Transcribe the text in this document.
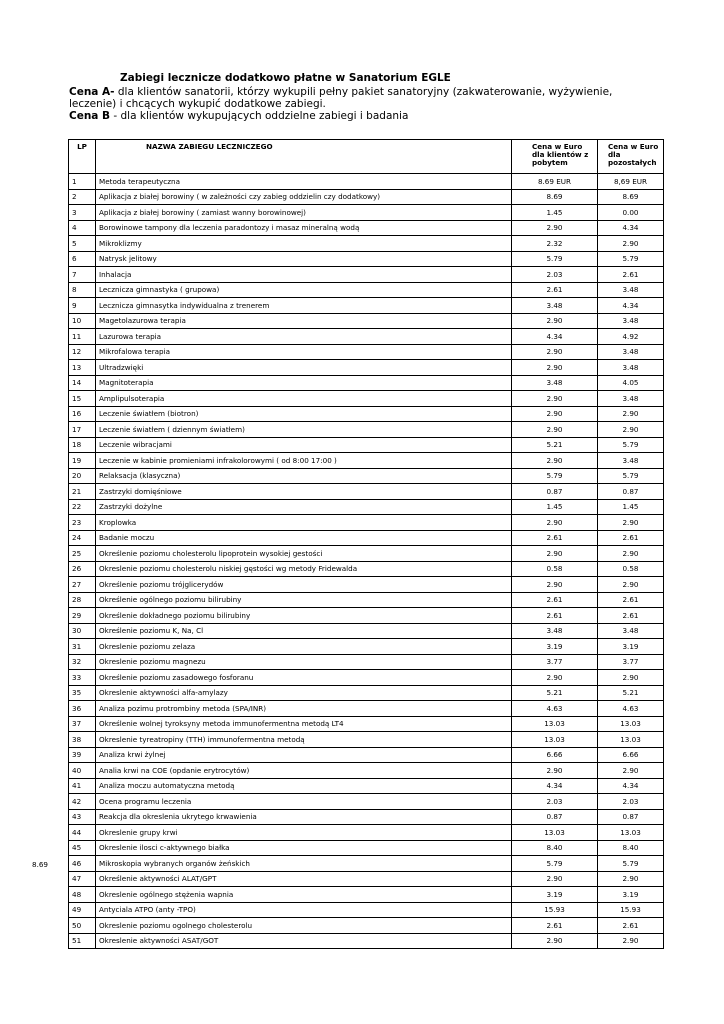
Zabiegi lecznicze dodatkowo płatne w Sanatorium EGLE
Cena A- dla klientów sanatorii, którzy wykupili pełny pakiet sanatoryjny (zakwaterowanie, wyżywienie, leczenie) i chcących wykupić dodatkowe zabiegi.
Cena B - dla klientów wykupujących oddzielne zabiegi i badania
LP	NAZWA ZABIEGU LECZNICZEGO	Cena w Euro dla klientów z pobytem	Cena w Euro dla pozostałych
1	Metoda terapeutyczna	8.69 EUR	8,69 EUR
2	Aplikacja z białej borowiny ( w zależności czy zabieg oddzielin czy dodatkowy)	8.69	8.69
3	Aplikacja z białej borowiny ( zamiast wanny borowinowej)	1.45	0.00
4	Borowinowe tampony dla leczenia paradontozy i masaz mineralną wodą	2.90	4.34
5	Mikroklizmy	2.32	2.90
6	Natrysk jelitowy	5.79	5.79
7	Inhalacja	2.03	2.61
8	Lecznicza gimnastyka ( grupowa)	2.61	3.48
9	Lecznicza gimnasytka indywidualna z trenerem	3.48	4.34
10	Magetolazurowa terapia	2.90	3.48
11	Lazurowa terapia	4.34	4.92
12	Mikrofalowa terapia	2.90	3.48
13	Ultradzwięki	2.90	3.48
14	Magnitoterapia	3.48	4.05
15	Amplipulsoterapia	2.90	3.48
16	Leczenie światłem (biotron)	2.90	2.90
17	Leczenie światłem ( dziennym światłem)	2.90	2.90
18	Leczenie wibracjami	5.21	5.79
19	Leczenie w kabinie promieniami infrakolorowymi ( od 8:00 17:00 )	2.90	3.48
20	Relaksacja (klasyczna)	5.79	5.79
21	Zastrzyki domięśniowe	0.87	0.87
22	Zastrzyki dożylne	1.45	1.45
23	Kroplowka	2.90	2.90
24	Badanie moczu	2.61	2.61
25	Określenie poziomu cholesterolu lipoprotein wysokiej gestości	2.90	2.90
26	Okreslenie poziomu cholesterolu niskiej gęstości wg metody Fridewalda	0.58	0.58
27	Określenie poziomu trójglicerydów	2.90	2.90
28	Określenie ogólnego poziomu bilirubiny	2.61	2.61
29	Określenie dokładnego poziomu bilirubiny	2.61	2.61
30	Określenie poziomu K, Na, Cl	3.48	3.48
31	Okreslenie poziomu zelaza	3.19	3.19
32	Okreslenie poziomu magnezu	3.77	3.77
33	Określenie poziomu zasadowego fosforanu	2.90	2.90
35	Okreslenie aktywności alfa-amylazy	5.21	5.21
36	Analiza pozimu protrombiny metoda (SPA/INR)	4.63	4.63
37	Określenie wolnej tyroksyny metoda immunofermentna metodą LT4	13.03	13.03
38	Okreslenie tyreatropiny (TTH) immunofermentna metodą	13.03	13.03
39	Analiza krwi żylnej	6.66	6.66
40	Analia krwi na COE (opdanie erytrocytów)	2.90	2.90
41	Analiza moczu automatyczna metodą	4.34	4.34
42	Ocena programu leczenia	2.03	2.03
43	Reakcja dla okreslenia ukrytego krwawienia	0.87	0.87
44	Okreslenie grupy krwi	13.03	13.03
45	Okreslenie ilosci c-aktywnego białka	8.40	8.40
46	Mikroskopia wybranych organów żeńskich	5.79	5.79
47	Określenie aktywności ALAT/GPT	2.90	2.90
48	Okreslenie ogólnego stężenia wapnia	3.19	3.19
49	Antyciala ATPO (anty -TPO)	15.93	15.93
50	Okreslenie poziomu ogolnego cholesterolu	2.61	2.61
51	Okreslenie aktywności ASAT/GOT	2.90	2.90
8.69
